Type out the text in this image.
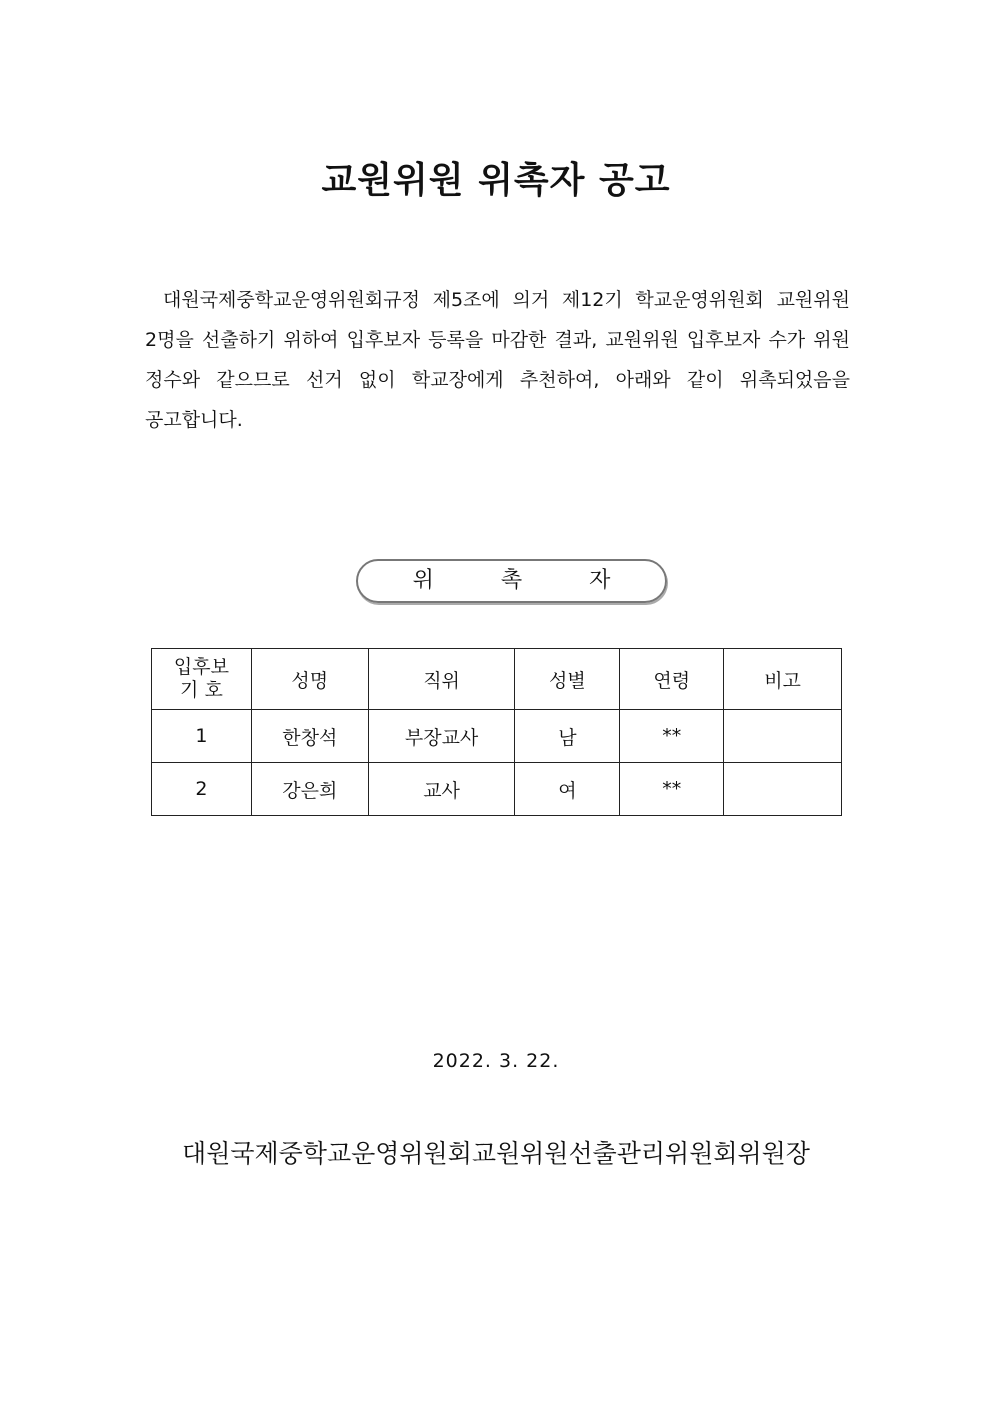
교원위원 위촉자 공고

대원국제중학교운영위원회규정 제5조에 의거 제12기 학교운영위원회 교원위원 2명을 선출하기 위하여 입후보자 등록을 마감한 결과, 교원위원 입후보자 수가 위원 정수와 같으므로 선거 없이 학교장에게 추천하여, 아래와 같이 위촉되었음을 공고합니다.

위 촉 자
입후보
기 호	성명	직위	성별	연령	비고
1	한창석	부장교사	남	**	
2	강은희	교사	여	**	
2022. 3. 22.
대원국제중학교운영위원회교원위원선출관리위원회위원장
